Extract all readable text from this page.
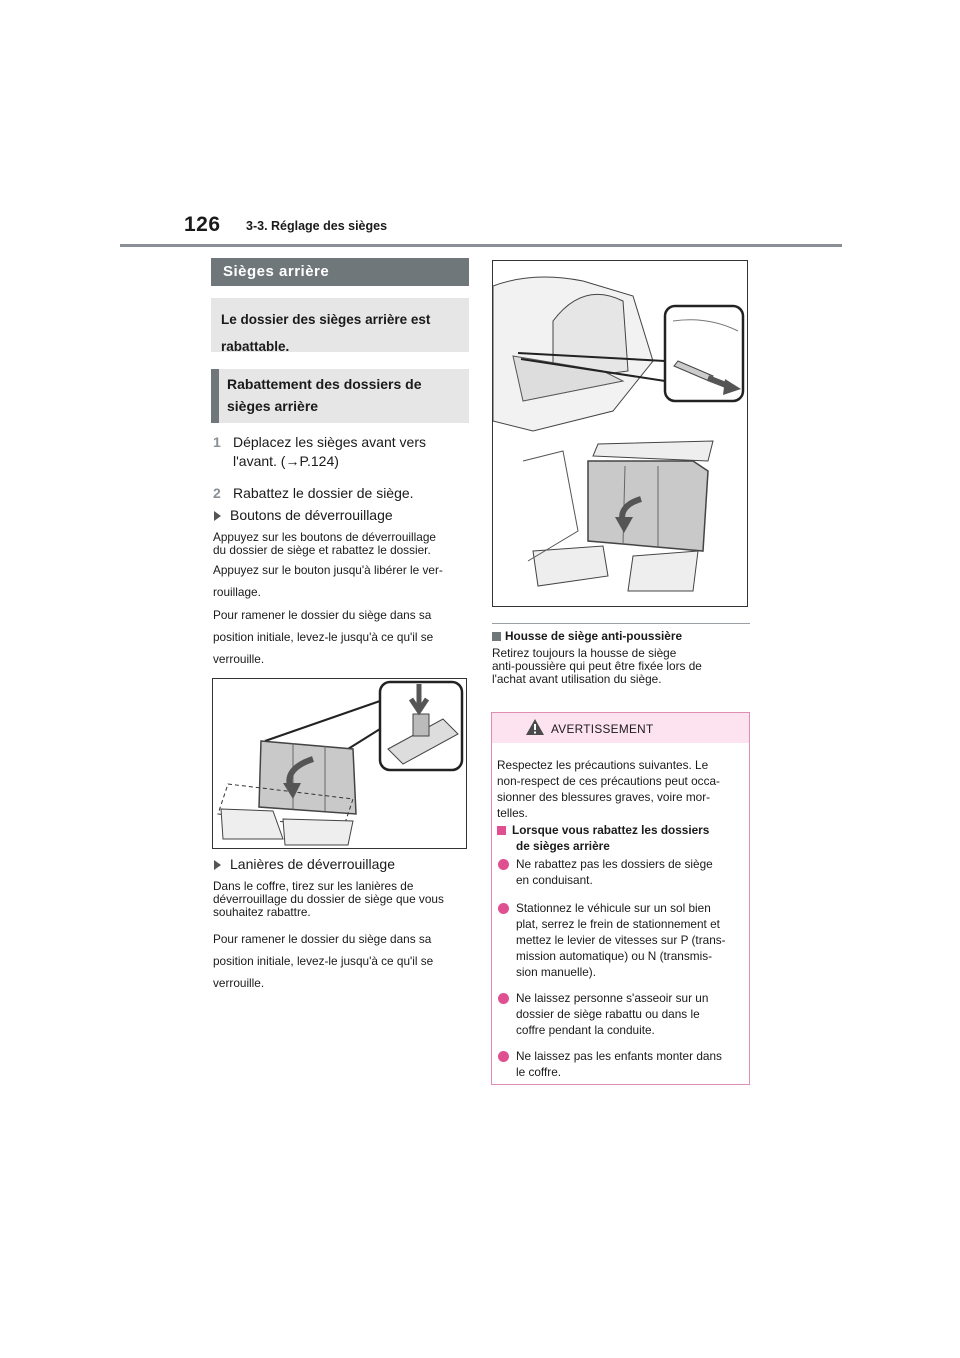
126 3-3. Réglage des sièges
Sièges arrière
Le dossier des sièges arrière est
rabattable.
Rabattement des dossiers de
sièges arrière
1 Déplacez les sièges avant vers
l'avant. (→P.124)
2 Rabattez le dossier de siège.
Boutons de déverrouillage
Appuyez sur les boutons de déverrouillage
du dossier de siège et rabattez le dossier.
Appuyez sur le bouton jusqu'à libérer le ver-
rouillage.
Pour ramener le dossier du siège dans sa
position initiale, levez-le jusqu'à ce qu'il se
verrouille.
Lanières de déverrouillage
Dans le coffre, tirez sur les lanières de
déverrouillage du dossier de siège que vous
souhaitez rabattre.
Pour ramener le dossier du siège dans sa
position initiale, levez-le jusqu'à ce qu'il se
verrouille.
Housse de siège anti-poussière
Retirez toujours la housse de siège
anti-poussière qui peut être fixée lors de
l'achat avant utilisation du siège.
AVERTISSEMENT
Respectez les précautions suivantes. Le
non-respect de ces précautions peut occa-
sionner des blessures graves, voire mor-
telles.
Lorsque vous rabattez les dossiers
de sièges arrière
Ne rabattez pas les dossiers de siège
en conduisant.
Stationnez le véhicule sur un sol bien
plat, serrez le frein de stationnement et
mettez le levier de vitesses sur P (trans-
mission automatique) ou N (transmis-
sion manuelle).
Ne laissez personne s'asseoir sur un
dossier de siège rabattu ou dans le
coffre pendant la conduite.
Ne laissez pas les enfants monter dans
le coffre.
